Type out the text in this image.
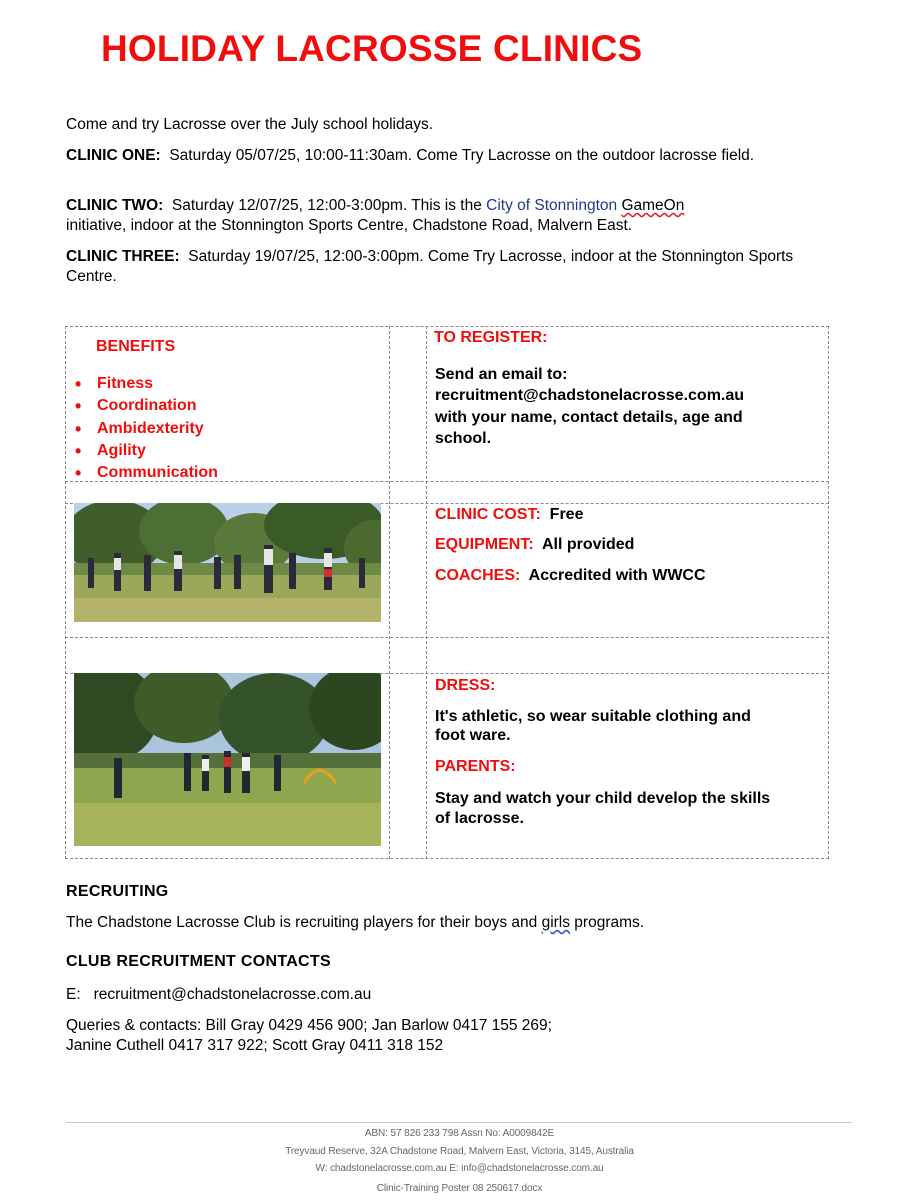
HOLIDAY LACROSSE CLINICS

Come and try Lacrosse over the July school holidays.

CLINIC ONE: Saturday 05/07/25, 10:00-11:30am. Come Try Lacrosse on the outdoor lacrosse field.

CLINIC TWO: Saturday 12/07/25, 12:00-3:00pm. This is the City of Stonnington GameOn
initiative, indoor at the Stonnington Sports Centre, Chadstone Road, Malvern East.

CLINIC THREE: Saturday 19/07/25, 12:00-3:00pm. Come Try Lacrosse, indoor at the Stonnington Sports Centre.

BENEFITS

• Fitness
• Coordination
• Ambidexterity
• Agility
• Communication

TO REGISTER:

Send an email to:

recruitment@chadstonelacrosse.com.au

with your name, contact details, age and

school.

CLINIC COST: Free

EQUIPMENT: All provided

COACHES: Accredited with WWCC

DRESS:

It's athletic, so wear suitable clothing and

foot ware.

PARENTS:

Stay and watch your child develop the skills

of lacrosse.

RECRUITING

The Chadstone Lacrosse Club is recruiting players for their boys and girls programs.

CLUB RECRUITMENT CONTACTS

E: recruitment@chadstonelacrosse.com.au

Queries & contacts: Bill Gray 0429 456 900; Jan Barlow 0417 155 269;

Janine Cuthell 0417 317 922; Scott Gray 0411 318 152

ABN: 57 826 233 798 Assn No: A0009842E

Treyvaud Reserve, 32A Chadstone Road, Malvern East, Victoria, 3145, Australia

W: chadstonelacrosse.com.au E: info@chadstonelacrosse.com.au

Clinic-Training Poster 08 250617.docx
